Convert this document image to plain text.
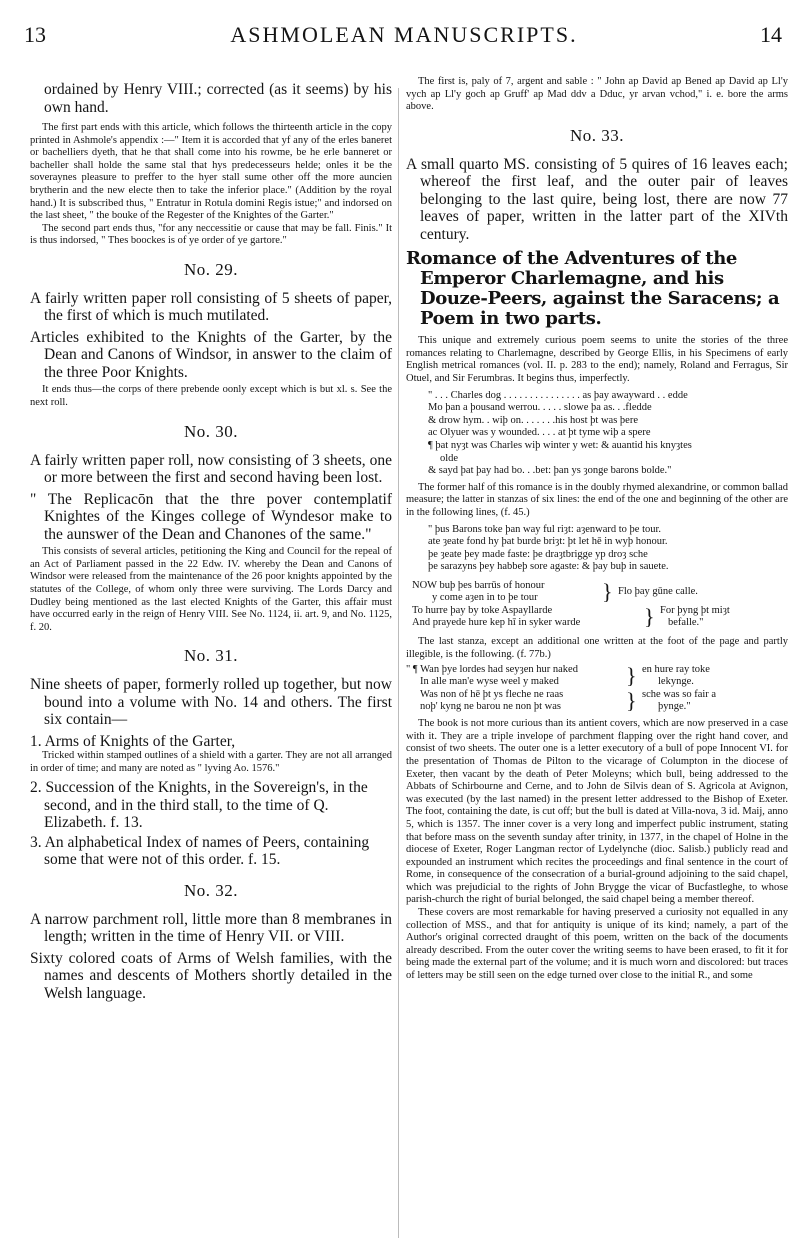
13	ASHMOLEAN MANUSCRIPTS.	14

ordained by Henry VIII.; corrected (as it seems) by his own hand.

The first part ends with this article, which follows the thirteenth article in the copy printed in Ashmole's appendix :—" Item it is accorded that yf any of the erles baneret or bachelliers dyeth, that he that shall come into his rowme, be he erle banneret or bacheller shall holde the same stal that hys predecesseurs helde; onles it be the soveraynes pleasure to preffer to the hyer stall sume other off the more auncien brytherin and the new electe then to take the inferior place." (Addition by the royal hand.) It is subscribed thus, " Entratur in Rotula domini Regis istue;" and indorsed on the last sheet, " the bouke of the Regester of the Knightes of the Garter."

The second part ends thus, "for any neccessitie or cause that may be fall. Finis." It is thus indorsed, " Thes boockes is of ye order of ye gartore."

No. 29.

A fairly written paper roll consisting of 5 sheets of paper, the first of which is much mutilated.

Articles exhibited to the Knights of the Garter, by the Dean and Canons of Windsor, in answer to the claim of the three Poor Knights.

It ends thus—the corps of there prebende oonly except which is but xl. s. See the next roll.

No. 30.

A fairly written paper roll, now consisting of 3 sheets, one or more between the first and second having been lost.

" The Replicacōn that the thre pover contemplatif Knightes of the Kinges college of Wyndesor make to the aunswer of the Dean and Chanones of the same."

This consists of several articles, petitioning the King and Council for the repeal of an Act of Parliament passed in the 22 Edw. IV. whereby the Dean and Canons of Windsor were released from the maintenance of the 26 poor knights appointed by the statutes of the College, of whom only three were surviving. The Lords Darcy and Dudley being mentioned as the last elected Knights of the Garter, this affair must have occurred early in the reign of Henry VIII. See No. 1124, ii. art. 9, and No. 1125, f. 20.

No. 31.

Nine sheets of paper, formerly rolled up together, but now bound into a volume with No. 14 and others. The first six contain—

1. Arms of Knights of the Garter,

Tricked within stamped outlines of a shield with a garter. They are not all arranged in order of time; and many are noted as " lyving Ao. 1576."

2. Succession of the Knights, in the Sovereign's, in the second, and in the third stall, to the time of Q. Elizabeth. f. 13.

3. An alphabetical Index of names of Peers, containing some that were not of this order. f. 15.

No. 32.

A narrow parchment roll, little more than 8 membranes in length; written in the time of Henry VII. or VIII.

Sixty colored coats of Arms of Welsh families, with the names and descents of Mothers shortly detailed in the Welsh language.

The first is, paly of 7, argent and sable : " John ap David ap Bened ap David ap Ll'y vych ap Ll'y goch ap Gruff' ap Mad ddv a Dduc, yr arvan vchod," i. e. bore the arms above.

No. 33.

A small quarto MS. consisting of 5 quires of 16 leaves each; whereof the first leaf, and the outer pair of leaves belonging to the last quire, being lost, there are now 77 leaves of paper, written in the latter part of the XIVth century.

Romance of the Adventures of the Emperor Charlemagne, and his Douze-Peers, against the Saracens; a Poem in two parts.

This unique and extremely curious poem seems to unite the stories of the three romances relating to Charlemagne, described by George Ellis, in his Specimens of early English metrical romances (vol. II. p. 283 to the end); namely, Roland and Ferragus, Sir Otuel, and Sir Ferumbras. It begins thus, imperfectly.

" . . . Charles dog . . . . . . . . . . . . . . . as þay awayward . . edde
Mo þan a þousand werrou. . . . . slowe þa as. . .fledde
& drow hym. . wiþ on. . . . . . .his host þt was þere
ac Olyuer was y wounded. . . . at þt tyme wiþ a spere
¶ þat nyȝt was Charles wiþ winter y wet: & auantid his knyȝtes
olde
& sayd þat þay had bo. . .bet: þan ys ȝonge barons bolde."

The former half of this romance is in the doubly rhymed alexandrine, or common ballad measure; the latter in stanzas of six lines: the end of the one and beginning of the other are in the following lines, (f. 45.)

" þus Barons toke þan way ful riȝt: aȝenward to þe tour.
ate ȝeate fond hy þat burde briȝt: þt let hē in wyþ honour.
þe ȝeate þey made faste: þe draȝtbrigge yp droȝ sche
þe sarazyns þey habbeþ sore agaste: & þay buþ in sauete.
NOW buþ þes barrūs of honour
y come aȝen in to þe tour
To hurre þay by toke Aspayllarde
And prayede hure kep hī in syker warde
} Flo þay gūne calle.
} For þyng þt miȝt
befalle."

The last stanza, except an additional one written at the foot of the page and partly illegible, is the following. (f. 77b.)

" ¶ Wan þye lordes had seyȝen hur naked
In alle man'e wyse weel y maked
Was non of hē þt ys fleche ne raas
noþ' kyng ne barou ne non þt was
} en hure ray toke
lekynge.
} sche was so fair a
þynge."

The book is not more curious than its antient covers, which are now preserved in a case with it. They are a triple invelope of parchment flapping over the right hand cover, and consist of two sheets. The outer one is a letter executory of a bull of pope Innocent VI. for the presentation of Thomas de Pilton to the vicarage of Columpton in the diocese of Exeter, then vacant by the death of Peter Moleyns; which bull, being addressed to the Abbats of Schirbourne and Cerne, and to John de Silvis dean of S. Agricola at Avignon, was executed (by the last named) in the present letter addressed to the Bishop of Exeter. The foot, containing the date, is cut off; but the bull is dated at Villa-nova, 3 id. Maij, anno 5, which is 1357. The inner cover is a very long and imperfect public instrument, stating that before mass on the seventh sunday after trinity, in 1377, in the chapel of Holne in the diocese of Exeter, Roger Langman rector of Lydelynche (dioc. Salisb.) publicly read and expounded an instrument which recites the proceedings and final sentence in the court of Rome, in consequence of the consecration of a burial-ground adjoining to the said chapel, which was prejudicial to the rights of John Brygge the vicar of Bucfastleghe, to whose parish-church the right of burial belonged, the said chapel being a member thereof.

These covers are most remarkable for having preserved a curiosity not equalled in any collection of MSS., and that for antiquity is unique of its kind; namely, a part of the Author's original corrected draught of this poem, written on the back of the documents already described. From the outer cover the writing seems to have been erased, to fit it for being made the external part of the volume; and it is much worn and discolored: but traces of letters may be still seen on the edge turned over close to the initial R., and some
